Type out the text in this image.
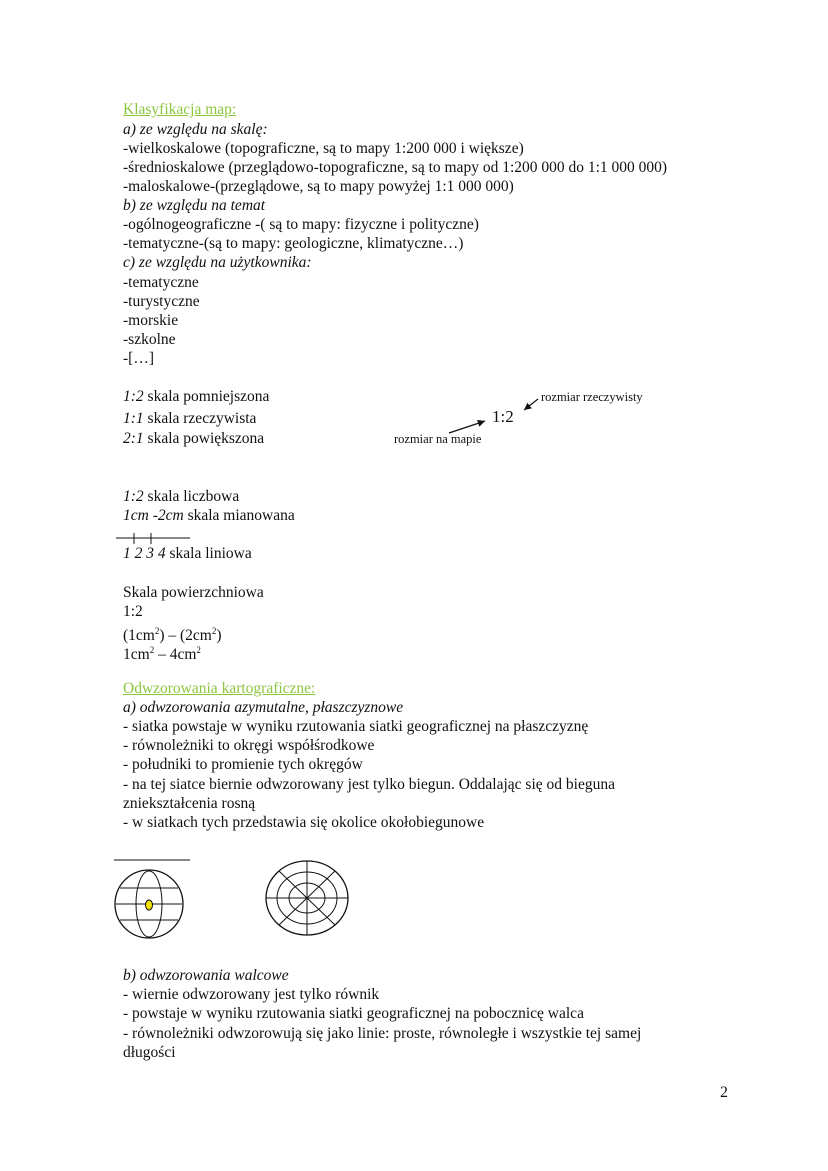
Klasyfikacja map:
a) ze względu na skalę:
-wielkoskalowe (topograficzne, są to mapy 1:200 000 i większe)
-średnioskalowe (przeglądowo-topograficzne, są to mapy od 1:200 000 do 1:1 000 000)
-maloskalowe-(przeglądowe, są to mapy powyżej 1:1 000 000)
b) ze względu na temat
-ogólnogeograficzne -( są to mapy: fizyczne i polityczne)
-tematyczne-(są to mapy: geologiczne, klimatyczne…)
c) ze względu na użytkownika:
-tematyczne
-turystyczne
-morskie
-szkolne
-[…]
1:2 skala pomniejszona
1:1 skala rzeczywista
2:1 skala powiększona
1:2
rozmiar rzeczywisty
rozmiar na mapie
1:2 skala liczbowa
1cm -2cm skala mianowana
1 2 3 4 skala liniowa
Skala powierzchniowa
1:2
$(1cm^2) - (2cm^2)$
$1cm^2 - 4cm^2$
Odwzorowania kartograficzne:
a) odwzorowania azymutalne, płaszczyznowe
- siatka powstaje w wyniku rzutowania siatki geograficznej na płaszczyznę
- równoleżniki to okręgi współśrodkowe
- południki to promienie tych okręgów
- na tej siatce biernie odwzorowany jest tylko biegun. Oddalając się od bieguna
zniekształcenia rosną
- w siatkach tych przedstawia się okolice okołobiegunowe
b) odwzorowania walcowe
- wiernie odwzorowany jest tylko równik
- powstaje w wyniku rzutowania siatki geograficznej na pobocznicę walca
- równoleżniki odwzorowują się jako linie: proste, równoległe i wszystkie tej samej
długości
2
